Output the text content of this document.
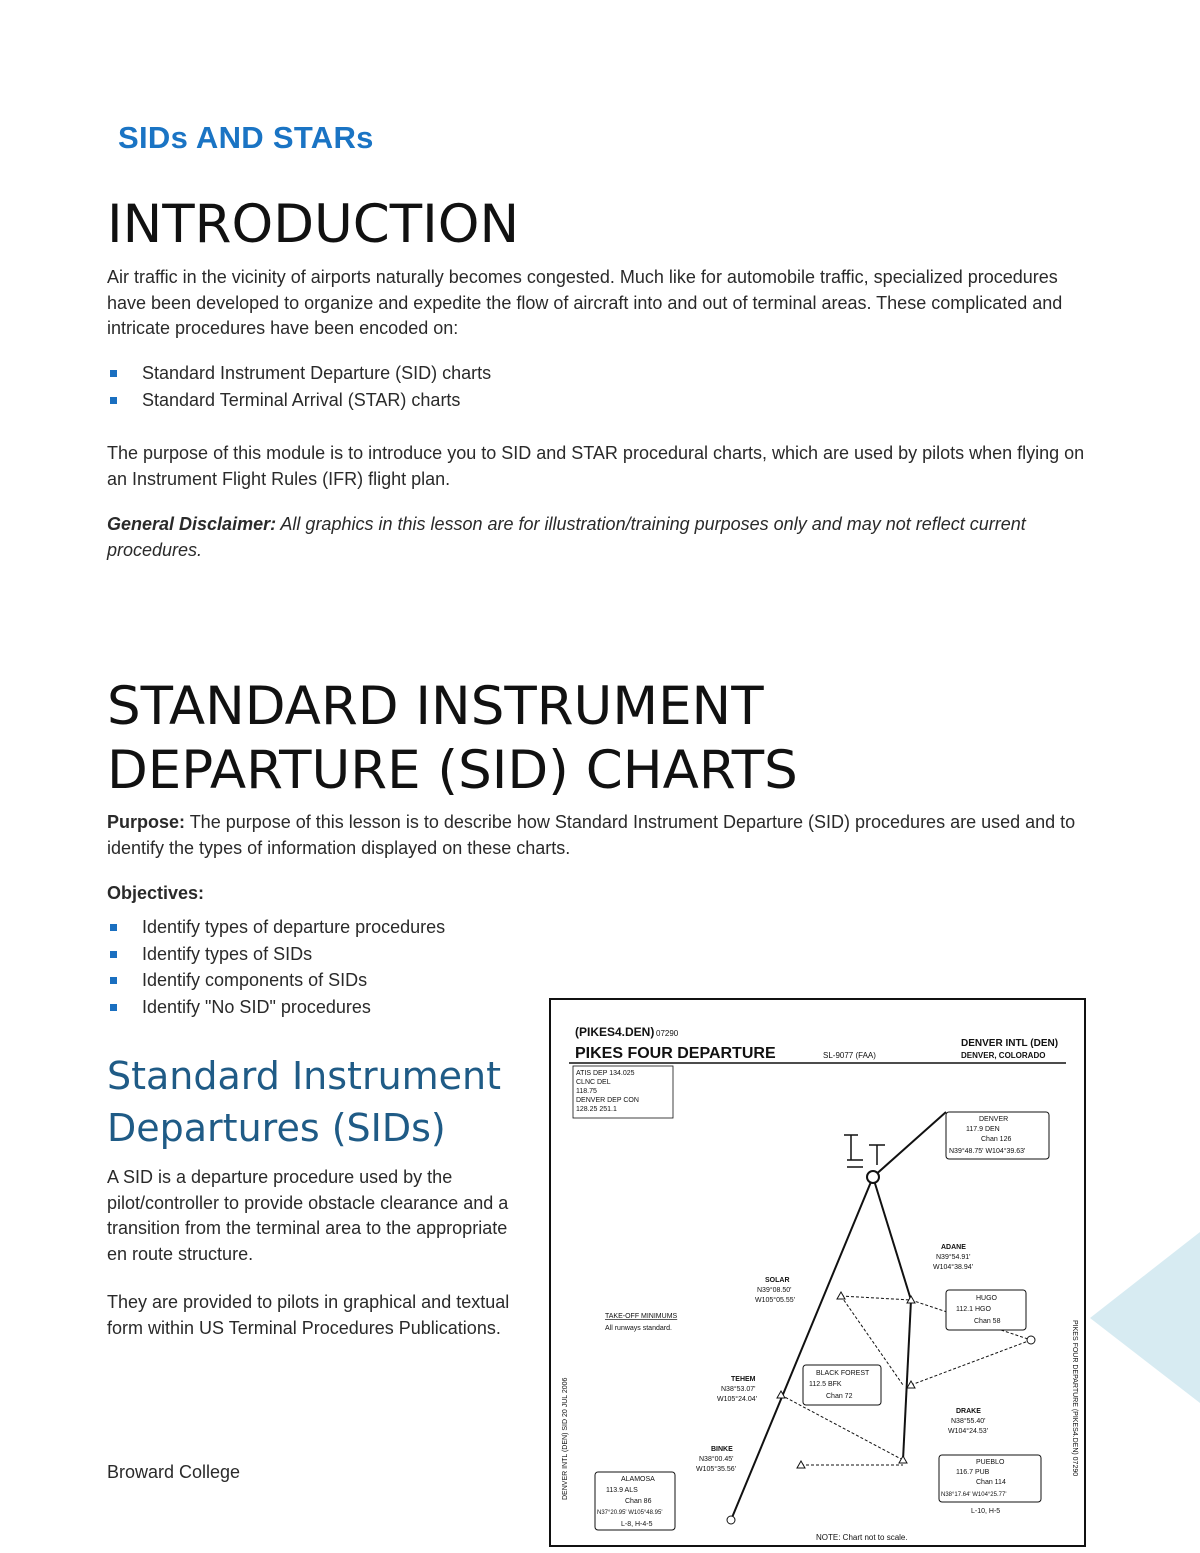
SIDs AND STARs
INTRODUCTION

Air traffic in the vicinity of airports naturally becomes congested. Much like for automobile traffic, specialized procedures have been developed to organize and expedite the flow of aircraft into and out of terminal areas. These complicated and intricate procedures have been encoded on:

Standard Instrument Departure (SID) charts
Standard Terminal Arrival (STAR) charts

The purpose of this module is to introduce you to SID and STAR procedural charts, which are used by pilots when flying on an Instrument Flight Rules (IFR) flight plan.

General Disclaimer: All graphics in this lesson are for illustration/training purposes only and may not reflect current procedures.

STANDARD INSTRUMENT
DEPARTURE (SID) CHARTS

Purpose: The purpose of this lesson is to describe how Standard Instrument Departure (SID) procedures are used and to identify the types of information displayed on these charts.

Objectives:

Identify types of departure procedures
Identify types of SIDs
Identify components of SIDs
Identify "No SID" procedures
Standard Instrument
Departures (SIDs)

A SID is a departure procedure used by the pilot/controller to provide obstacle clearance and a transition from the terminal area to the appropriate en route structure.

They are provided to pilots in graphical and textual form within US Terminal Procedures Publications.

Broward College

(PIKES4.DEN) 07290
PIKES FOUR DEPARTURE	SL-9077 (FAA)
DENVER INTL (DEN)
DENVER, COLORADO
ATIS DEP 134.025
CLNC DEL
118.75
DENVER DEP CON
128.25 251.1
DENVER INTL (DEN) SID 20 JUL 2006	PIKES FOUR DEPARTURE (PIKES4.DEN) 07290
DENVER
117.9 DEN
Chan 126
N39°48.75' W104°39.63'
ADANE
N39°54.91'
W104°38.94'
SOLAR
N39°08.50'
W105°05.55'	HUGO
112.1 HGO
Chan 58
TAKE-OFF MINIMUMS
All runways standard.
BLACK FOREST
112.5 BFK
Chan 72
TEHEM
N38°53.07'
W105°24.04'
DRAKE
N38°55.40'
W104°24.53'
BINKE
N38°00.45'
W105°35.56'
ALAMOSA
113.9 ALS
Chan 86
N37°20.95' W105°48.95'
L-8, H-4-5
PUEBLO
116.7 PUB
Chan 114
N38°17.64' W104°25.77'
L-10, H-5
NOTE: Chart not to scale.
